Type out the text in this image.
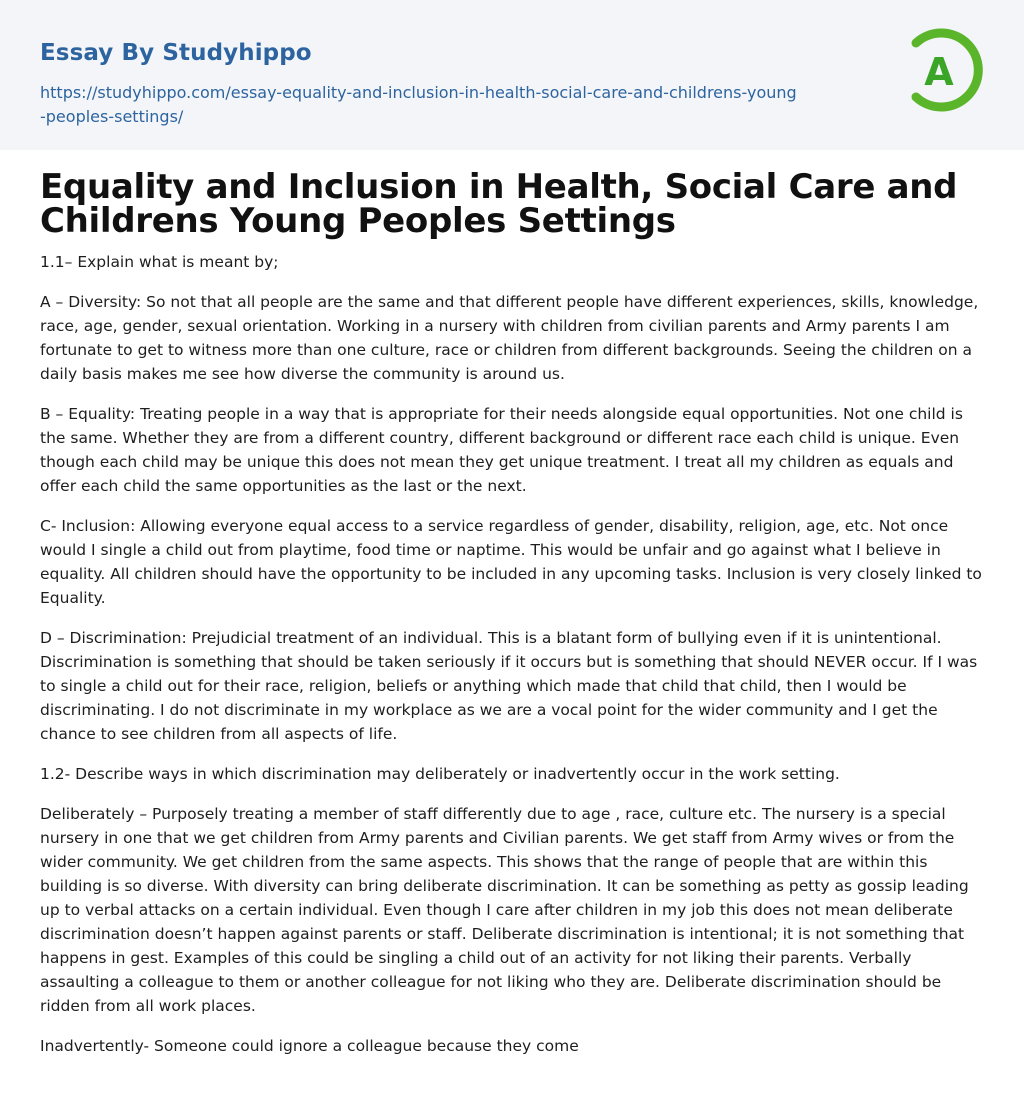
Essay By Studyhippo
https://studyhippo.com/essay-equality-and-inclusion-in-health-social-care-and-childrens-young-peoples-settings/
A
Equality and Inclusion in Health, Social Care and Childrens Young Peoples Settings

1.1– Explain what is meant by;

A – Diversity: So not that all people are the same and that different people have different experiences, skills, knowledge, race, age, gender, sexual orientation. Working in a nursery with children from civilian parents and Army parents I am fortunate to get to witness more than one culture, race or children from different backgrounds. Seeing the children on a daily basis makes me see how diverse the community is around us.

B – Equality: Treating people in a way that is appropriate for their needs alongside equal opportunities. Not one child is the same. Whether they are from a different country, different background or different race each child is unique. Even though each child may be unique this does not mean they get unique treatment. I treat all my children as equals and offer each child the same opportunities as the last or the next.

C- Inclusion: Allowing everyone equal access to a service regardless of gender, disability, religion, age, etc. Not once would I single a child out from playtime, food time or naptime. This would be unfair and go against what I believe in equality. All children should have the opportunity to be included in any upcoming tasks. Inclusion is very closely linked to Equality.

D – Discrimination: Prejudicial treatment of an individual. This is a blatant form of bullying even if it is unintentional. Discrimination is something that should be taken seriously if it occurs but is something that should NEVER occur. If I was to single a child out for their race, religion, beliefs or anything which made that child that child, then I would be discriminating. I do not discriminate in my workplace as we are a vocal point for the wider community and I get the chance to see children from all aspects of life.

1.2- Describe ways in which discrimination may deliberately or inadvertently occur in the work setting.

Deliberately – Purposely treating a member of staff differently due to age , race, culture etc. The nursery is a special nursery in one that we get children from Army parents and Civilian parents. We get staff from Army wives or from the wider community. We get children from the same aspects. This shows that the range of people that are within this building is so diverse. With diversity can bring deliberate discrimination. It can be something as petty as gossip leading up to verbal attacks on a certain individual. Even though I care after children in my job this does not mean deliberate discrimination doesn’t happen against parents or staff. Deliberate discrimination is intentional; it is not something that happens in gest. Examples of this could be singling a child out of an activity for not liking their parents. Verbally assaulting a colleague to them or another colleague for not liking who they are. Deliberate discrimination should be ridden from all work places.

Inadvertently- Someone could ignore a colleague because they come
